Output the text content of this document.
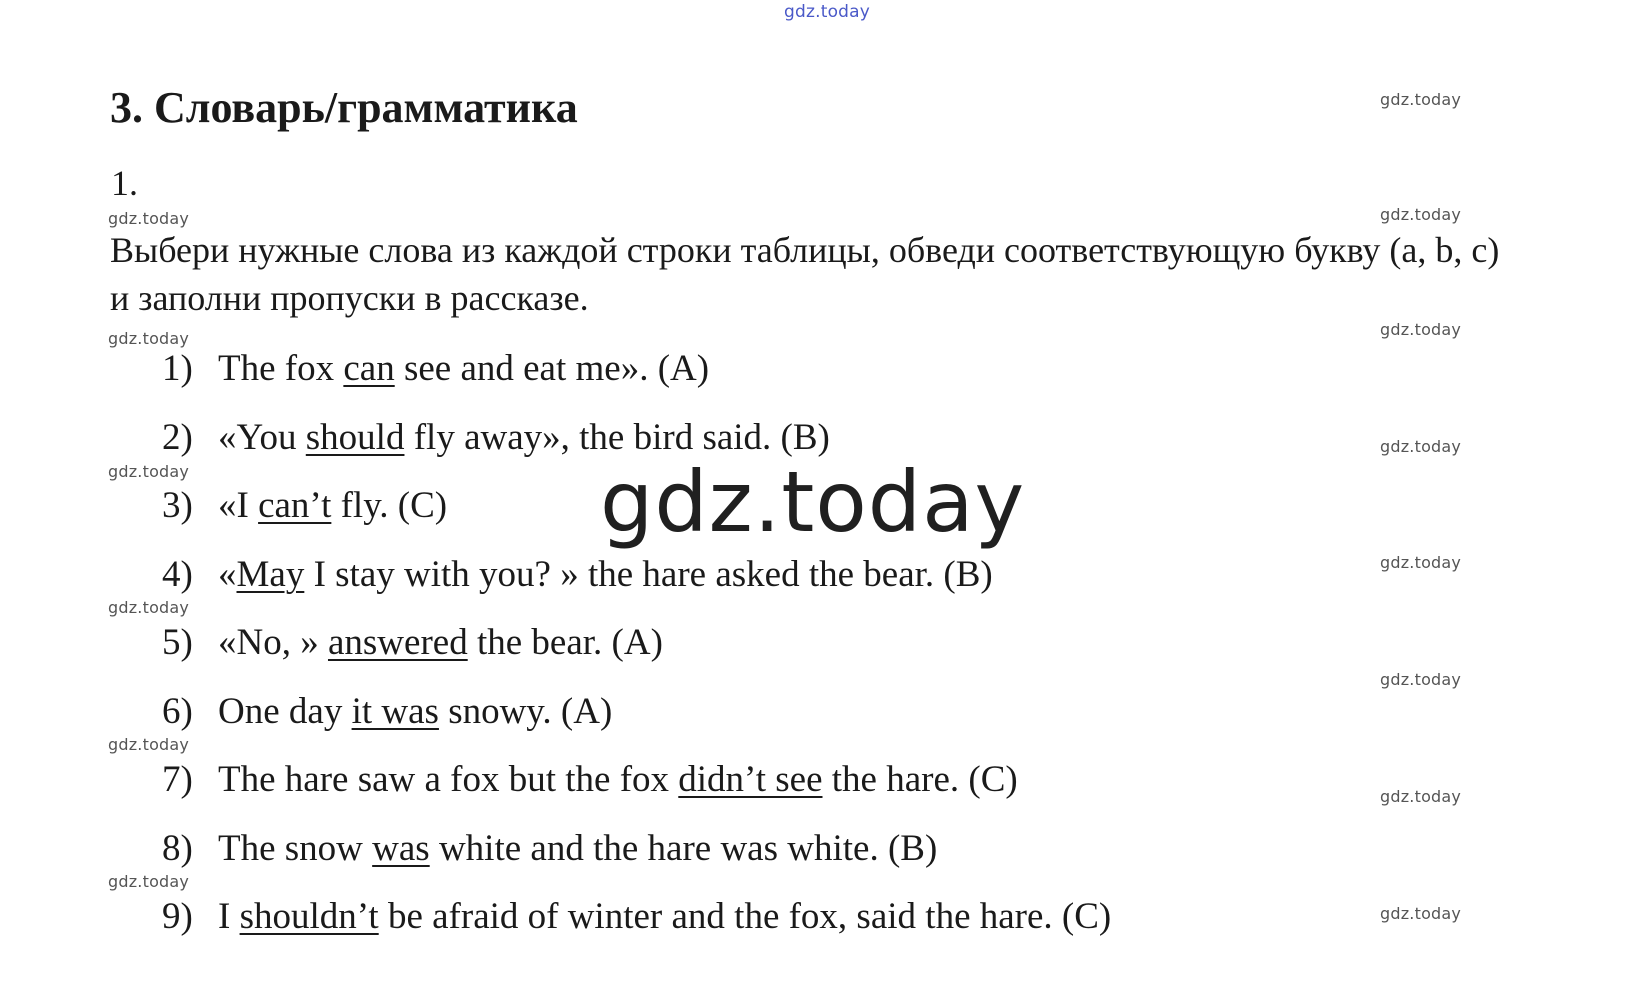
gdz.today
gdz.today
gdz.today
gdz.today
gdz.today
gdz.today
gdz.today
gdz.today
gdz.today
gdz.today
gdz.today
gdz.today
gdz.today
gdz.today
gdz.today
3. Словарь/грамматика
1.

Выбери нужные слова из каждой строки таблицы, обведи соответствующую букву (a, b, c) и заполни пропуски в рассказе.

1) The fox can see and eat me». (A)
2) «You should fly away», the bird said. (B)
3) «I can’t fly. (C)
4) «May I stay with you? » the hare asked the bear. (B)
5) «No, » answered the bear. (A)
6) One day it was snowy. (A)
7) The hare saw a fox but the fox didn’t see the hare. (C)
8) The snow was white and the hare was white. (B)
9) I shouldn’t be afraid of winter and the fox, said the hare. (C)
gdz.today
